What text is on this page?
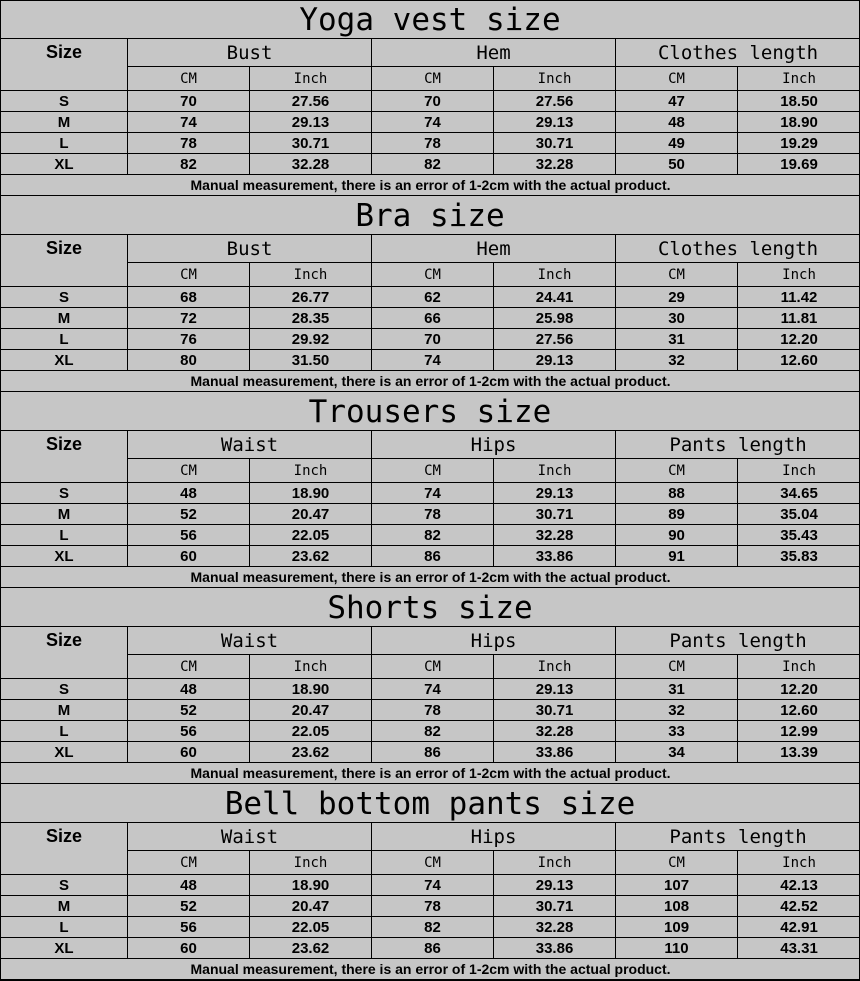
Yoga vest size
Size	Bust		Hem		Clothes length	
	CM	Inch	CM	Inch	CM	Inch
S	70	27.56	70	27.56	47	18.50
M	74	29.13	74	29.13	48	18.90
L	78	30.71	78	30.71	49	19.29
XL	82	32.28	82	32.28	50	19.69
Manual measurement, there is an error of 1-2cm with the actual product.						
Bra size
Size	Bust		Hem		Clothes length	
	CM	Inch	CM	Inch	CM	Inch
S	68	26.77	62	24.41	29	11.42
M	72	28.35	66	25.98	30	11.81
L	76	29.92	70	27.56	31	12.20
XL	80	31.50	74	29.13	32	12.60
Manual measurement, there is an error of 1-2cm with the actual product.						
Trousers size
Size	Waist		Hips		Pants length	
	CM	Inch	CM	Inch	CM	Inch
S	48	18.90	74	29.13	88	34.65
M	52	20.47	78	30.71	89	35.04
L	56	22.05	82	32.28	90	35.43
XL	60	23.62	86	33.86	91	35.83
Manual measurement, there is an error of 1-2cm with the actual product.						
Shorts size
Size	Waist		Hips		Pants length	
	CM	Inch	CM	Inch	CM	Inch
S	48	18.90	74	29.13	31	12.20
M	52	20.47	78	30.71	32	12.60
L	56	22.05	82	32.28	33	12.99
XL	60	23.62	86	33.86	34	13.39
Manual measurement, there is an error of 1-2cm with the actual product.						
Bell bottom pants size
Size	Waist		Hips		Pants length	
	CM	Inch	CM	Inch	CM	Inch
S	48	18.90	74	29.13	107	42.13
M	52	20.47	78	30.71	108	42.52
L	56	22.05	82	32.28	109	42.91
XL	60	23.62	86	33.86	110	43.31
Manual measurement, there is an error of 1-2cm with the actual product.						
